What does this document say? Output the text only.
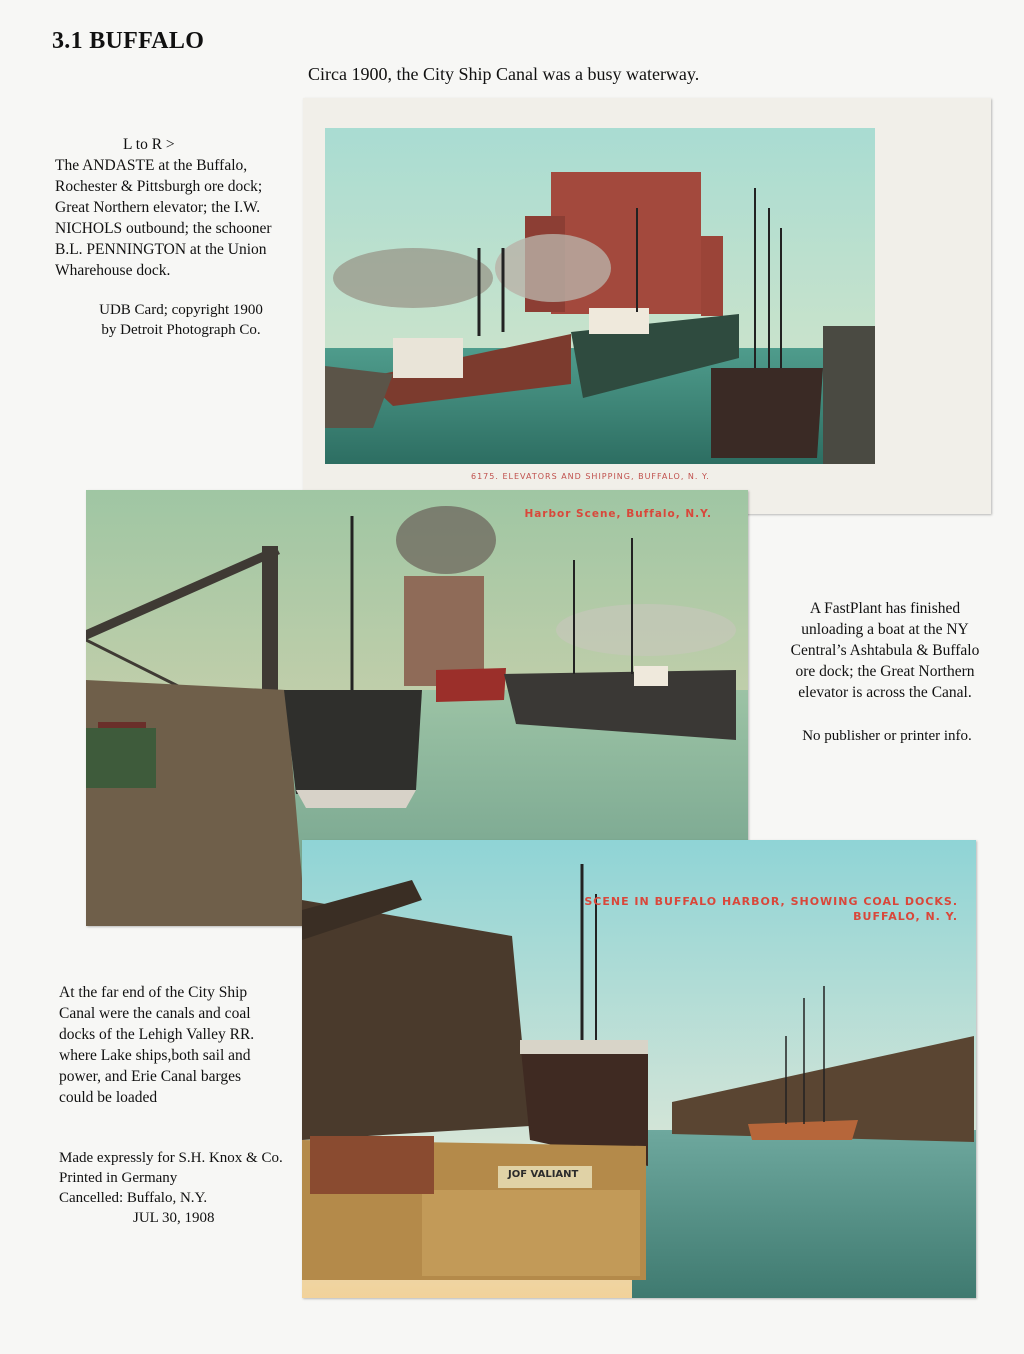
3.1 BUFFALO
Circa 1900, the City Ship Canal was a busy waterway.

L to R >

The ANDASTE at the Buffalo,

Rochester & Pittsburgh ore dock;

Great Northern elevator; the I.W.

NICHOLS outbound; the schooner

B.L. PENNINGTON at the Union

Wharehouse dock.

UDB Card; copyright 1900

by Detroit Photograph Co.

6175. ELEVATORS AND SHIPPING, BUFFALO, N. Y.
Harbor Scene, Buffalo, N.Y.

A FastPlant has finished

unloading a boat at the NY

Central’s Ashtabula & Buffalo

ore dock; the Great Northern

elevator is across the Canal.

No publisher or printer info.
SCENE IN BUFFALO HARBOR, SHOWING COAL DOCKS.
BUFFALO, N. Y.
JOF VALIANT

At the far end of the City Ship

Canal were the canals and coal

docks of the Lehigh Valley RR.

where Lake ships,both sail and

power, and Erie Canal barges

could be loaded

Made expressly for S.H. Knox & Co.

Printed in Germany

Cancelled: Buffalo, N.Y.

JUL 30, 1908
